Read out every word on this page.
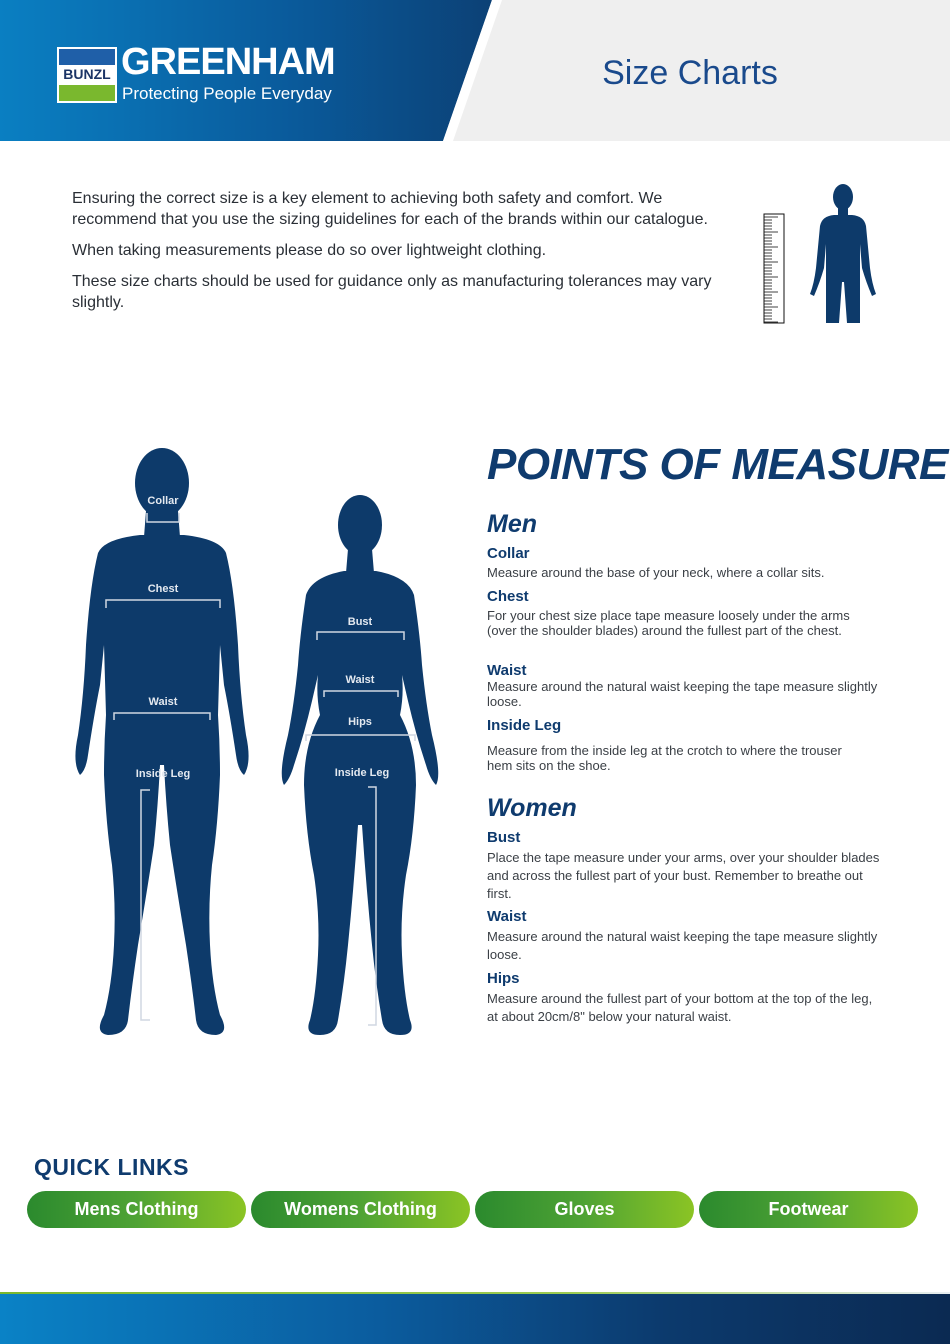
BUNZL GREENHAM
Protecting People Everyday
Size Charts

Ensuring the correct size is a key element to achieving both safety and comfort. We recommend that you use the sizing guidelines for each of the brands within our catalogue.

When taking measurements please do so over lightweight clothing.

These size charts should be used for guidance only as manufacturing tolerances may vary slightly.

Collar
Chest
Waist
Inside Leg
Bust
Waist
Hips
Inside Leg
POINTS OF MEASURE
Men
Collar
Measure around the base of your neck, where a collar sits.
Chest
For your chest size place tape measure loosely under the arms (over the shoulder blades) around the fullest part of the chest.
Waist
Measure around the natural waist keeping the tape measure slightly loose.
Inside Leg
Measure from the inside leg at the crotch to where the trouser hem sits on the shoe.
Women
Bust
Place the tape measure under your arms, over your shoulder blades and across the fullest part of your bust. Remember to breathe out first.
Waist
Measure around the natural waist keeping the tape measure slightly loose.
Hips
Measure around the fullest part of your bottom at the top of the leg, at about 20cm/8" below your natural waist.
QUICK LINKS
Mens Clothing	Womens Clothing	Gloves	Footwear
